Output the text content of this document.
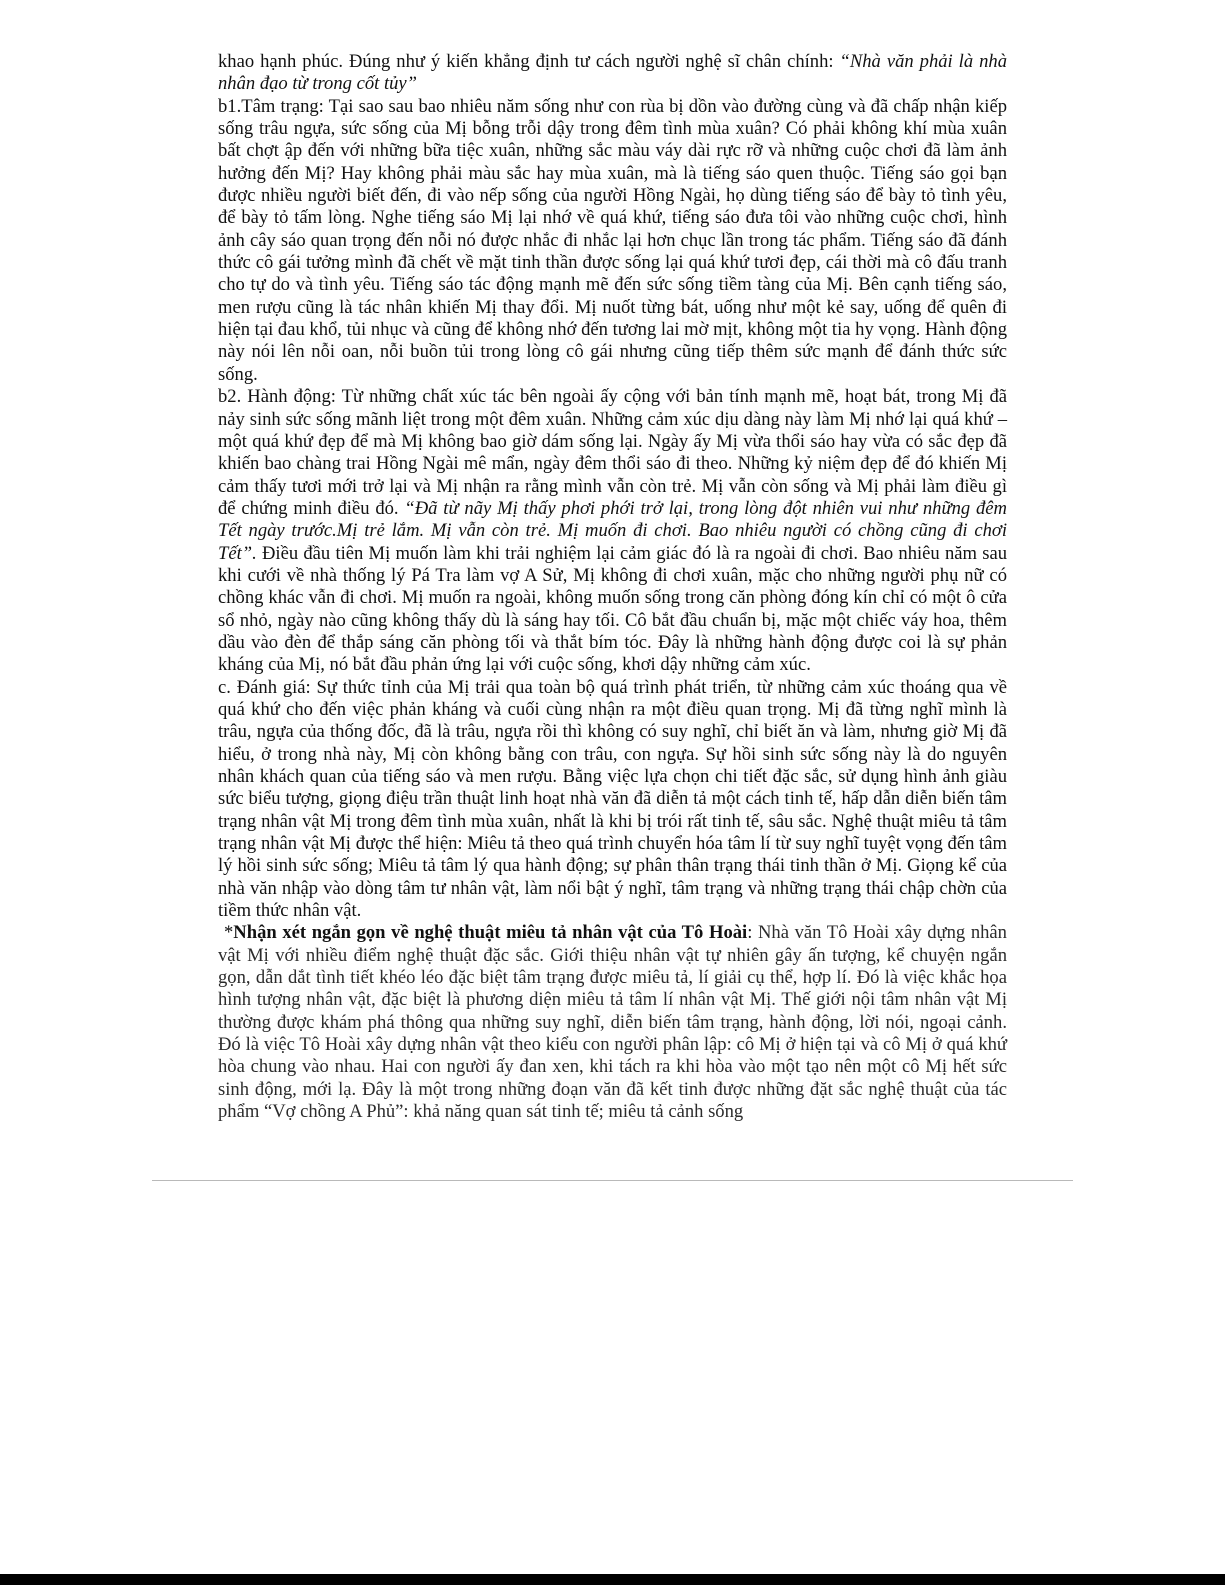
khao hạnh phúc. Đúng như ý kiến khẳng định tư cách người nghệ sĩ chân chính: “Nhà văn phải là nhà nhân đạo từ trong cốt tủy”

b1.Tâm trạng: Tại sao sau bao nhiêu năm sống như con rùa bị dồn vào đường cùng và đã chấp nhận kiếp sống trâu ngựa, sức sống của Mị bỗng trỗi dậy trong đêm tình mùa xuân? Có phải không khí mùa xuân bất chợt ập đến với những bữa tiệc xuân, những sắc màu váy dài rực rỡ và những cuộc chơi đã làm ảnh hưởng đến Mị? Hay không phải màu sắc hay mùa xuân, mà là tiếng sáo quen thuộc. Tiếng sáo gọi bạn được nhiều người biết đến, đi vào nếp sống của người Hồng Ngài, họ dùng tiếng sáo để bày tỏ tình yêu, để bày tỏ tấm lòng. Nghe tiếng sáo Mị lại nhớ về quá khứ, tiếng sáo đưa tôi vào những cuộc chơi, hình ảnh cây sáo quan trọng đến nỗi nó được nhắc đi nhắc lại hơn chục lần trong tác phẩm. Tiếng sáo đã đánh thức cô gái tưởng mình đã chết về mặt tinh thần được sống lại quá khứ tươi đẹp, cái thời mà cô đấu tranh cho tự do và tình yêu. Tiếng sáo tác động mạnh mẽ đến sức sống tiềm tàng của Mị. Bên cạnh tiếng sáo, men rượu cũng là tác nhân khiến Mị thay đổi. Mị nuốt từng bát, uống như một kẻ say, uống để quên đi hiện tại đau khổ, tủi nhục và cũng để không nhớ đến tương lai mờ mịt, không một tia hy vọng. Hành động này nói lên nỗi oan, nỗi buồn tủi trong lòng cô gái nhưng cũng tiếp thêm sức mạnh để đánh thức sức sống.

b2. Hành động: Từ những chất xúc tác bên ngoài ấy cộng với bản tính mạnh mẽ, hoạt bát, trong Mị đã nảy sinh sức sống mãnh liệt trong một đêm xuân. Những cảm xúc dịu dàng này làm Mị nhớ lại quá khứ – một quá khứ đẹp để mà Mị không bao giờ dám sống lại. Ngày ấy Mị vừa thổi sáo hay vừa có sắc đẹp đã khiến bao chàng trai Hồng Ngài mê mẩn, ngày đêm thổi sáo đi theo. Những kỷ niệm đẹp để đó khiến Mị cảm thấy tươi mới trở lại và Mị nhận ra rằng mình vẫn còn trẻ. Mị vẫn còn sống và Mị phải làm điều gì để chứng minh điều đó. “Đã từ nãy Mị thấy phơi phới trở lại, trong lòng đột nhiên vui như những đêm Tết ngày trước.Mị trẻ lắm. Mị vẫn còn trẻ. Mị muốn đi chơi. Bao nhiêu người có chồng cũng đi chơi Tết”. Điều đầu tiên Mị muốn làm khi trải nghiệm lại cảm giác đó là ra ngoài đi chơi. Bao nhiêu năm sau khi cưới về nhà thống lý Pá Tra làm vợ A Sử, Mị không đi chơi xuân, mặc cho những người phụ nữ có chồng khác vẫn đi chơi. Mị muốn ra ngoài, không muốn sống trong căn phòng đóng kín chỉ có một ô cửa sổ nhỏ, ngày nào cũng không thấy dù là sáng hay tối. Cô bắt đầu chuẩn bị, mặc một chiếc váy hoa, thêm dầu vào đèn để thắp sáng căn phòng tối và thắt bím tóc. Đây là những hành động được coi là sự phản kháng của Mị, nó bắt đầu phản ứng lại với cuộc sống, khơi dậy những cảm xúc.

c. Đánh giá: Sự thức tỉnh của Mị trải qua toàn bộ quá trình phát triển, từ những cảm xúc thoáng qua về quá khứ cho đến việc phản kháng và cuối cùng nhận ra một điều quan trọng. Mị đã từng nghĩ mình là trâu, ngựa của thống đốc, đã là trâu, ngựa rồi thì không có suy nghĩ, chỉ biết ăn và làm, nhưng giờ Mị đã hiểu, ở trong nhà này, Mị còn không bằng con trâu, con ngựa. Sự hồi sinh sức sống này là do nguyên nhân khách quan của tiếng sáo và men rượu. Bằng việc lựa chọn chi tiết đặc sắc, sử dụng hình ảnh giàu sức biểu tượng, giọng điệu trần thuật linh hoạt nhà văn đã diễn tả một cách tinh tế, hấp dẫn diễn biến tâm trạng nhân vật Mị trong đêm tình mùa xuân, nhất là khi bị trói rất tinh tế, sâu sắc. Nghệ thuật miêu tả tâm trạng nhân vật Mị được thể hiện: Miêu tả theo quá trình chuyển hóa tâm lí từ suy nghĩ tuyệt vọng đến tâm lý hồi sinh sức sống; Miêu tả tâm lý qua hành động; sự phân thân trạng thái tinh thần ở Mị. Giọng kể của nhà văn nhập vào dòng tâm tư nhân vật, làm nổi bật ý nghĩ, tâm trạng và những trạng thái chập chờn của tiềm thức nhân vật.

*Nhận xét ngắn gọn về nghệ thuật miêu tả nhân vật của Tô Hoài: Nhà văn Tô Hoài xây dựng nhân vật Mị với nhiều điểm nghệ thuật đặc sắc. Giới thiệu nhân vật tự nhiên gây ấn tượng, kể chuyện ngắn gọn, dẫn dắt tình tiết khéo léo đặc biệt tâm trạng được miêu tả, lí giải cụ thể, hợp lí. Đó là việc khắc họa hình tượng nhân vật, đặc biệt là phương diện miêu tả tâm lí nhân vật Mị. Thế giới nội tâm nhân vật Mị thường được khám phá thông qua những suy nghĩ, diễn biến tâm trạng, hành động, lời nói, ngoại cảnh. Đó là việc Tô Hoài xây dựng nhân vật theo kiểu con người phân lập: cô Mị ở hiện tại và cô Mị ở quá khứ hòa chung vào nhau. Hai con người ấy đan xen, khi tách ra khi hòa vào một tạo nên một cô Mị hết sức sinh động, mới lạ. Đây là một trong những đoạn văn đã kết tinh được những đặt sắc nghệ thuật của tác phẩm “Vợ chồng A Phủ”: khả năng quan sát tinh tế; miêu tả cảnh sống
